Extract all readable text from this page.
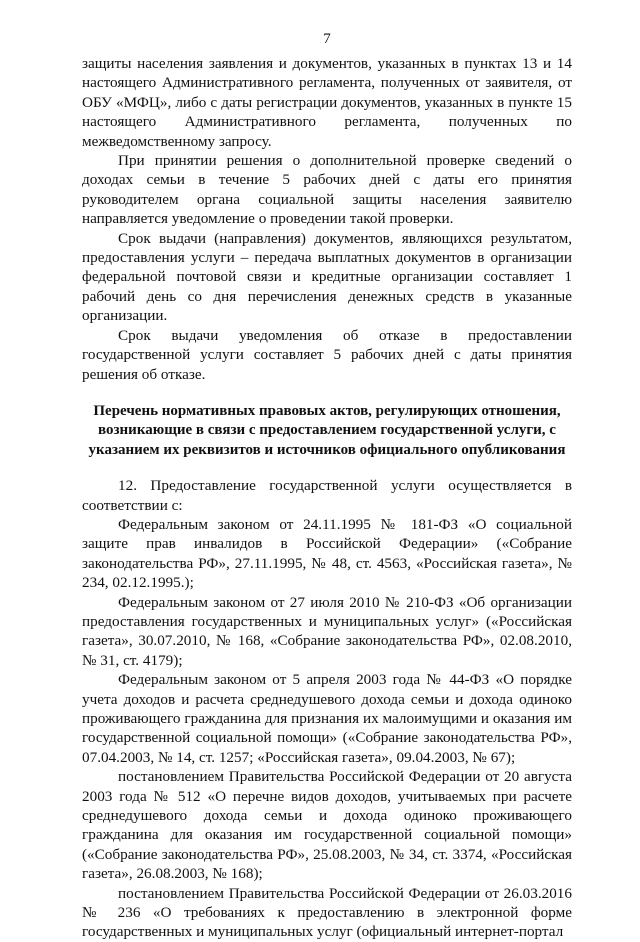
7

защиты населения заявления и документов, указанных в пунктах 13 и 14 настоящего Административного регламента, полученных от заявителя, от ОБУ «МФЦ», либо с даты регистрации документов, указанных в пункте 15 настоящего Административного регламента, полученных по межведомственному запросу.

При принятии решения о дополнительной проверке сведений о доходах семьи в течение 5 рабочих дней с даты его принятия руководителем органа социальной защиты населения заявителю направляется уведомление о проведении такой проверки.

Срок выдачи (направления) документов, являющихся результатом, предоставления услуги – передача выплатных документов в организации федеральной почтовой связи и кредитные организации составляет 1 рабочий день со дня перечисления денежных средств в указанные организации.

Срок выдачи уведомления об отказе в предоставлении государственной услуги составляет 5 рабочих дней с даты принятия решения об отказе.

Перечень нормативных правовых актов, регулирующих отношения, возникающие в связи с предоставлением государственной услуги, с указанием их реквизитов и источников официального опубликования

12. Предоставление государственной услуги осуществляется в соответствии с:

Федеральным законом от 24.11.1995 № 181-ФЗ «О социальной защите прав инвалидов в Российской Федерации» («Собрание законодательства РФ», 27.11.1995, № 48, ст. 4563, «Российская газета», № 234, 02.12.1995.);

Федеральным законом от 27 июля 2010 № 210-ФЗ «Об организации предоставления государственных и муниципальных услуг» («Российская газета», 30.07.2010, № 168, «Собрание законодательства РФ», 02.08.2010, № 31, ст. 4179);

Федеральным законом от 5 апреля 2003 года № 44-ФЗ «О порядке учета доходов и расчета среднедушевого дохода семьи и дохода одиноко проживающего гражданина для признания их малоимущими и оказания им государственной социальной помощи» («Собрание законодательства РФ», 07.04.2003, № 14, ст. 1257; «Российская газета», 09.04.2003, № 67);

постановлением Правительства Российской Федерации от 20 августа 2003 года № 512 «О перечне видов доходов, учитываемых при расчете среднедушевого дохода семьи и дохода одиноко проживающего гражданина для оказания им государственной социальной помощи» («Собрание законодательства РФ», 25.08.2003, № 34, ст. 3374, «Российская газета», 26.08.2003, № 168);

постановлением Правительства Российской Федерации от 26.03.2016 № 236 «О требованиях к предоставлению в электронной форме государственных и муниципальных услуг (официальный интернет-портал
